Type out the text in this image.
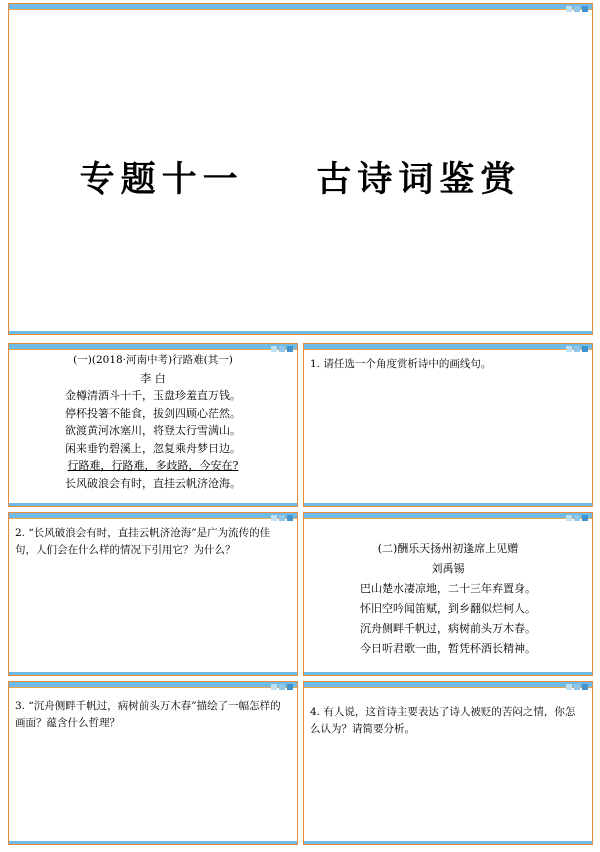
专题十一    古诗词鉴赏
(一)(2018·河南中考)行路难(其一)
李 白
金樽清酒斗十千，玉盘珍羞直万钱。
停杯投箸不能食，拔剑四顾心茫然。
欲渡黄河冰塞川，将登太行雪满山。
闲来垂钓碧溪上，忽复乘舟梦日边。
行路难，行路难，多歧路，今安在?
长风破浪会有时，直挂云帆济沧海。
1. 请任选一个角度赏析诗中的画线句。
2. “长风破浪会有时，直挂云帆济沧海”是广为流传的佳句，人们会在什么样的情况下引用它？为什么？	(二)酬乐天扬州初逢席上见赠
刘禹锡
巴山楚水凄凉地，二十三年弃置身。
怀旧空吟闻笛赋，到乡翻似烂柯人。
沉舟侧畔千帆过，病树前头万木春。
今日听君歌一曲，暂凭杯酒长精神。
3. “沉舟侧畔千帆过，病树前头万木春”描绘了一幅怎样的画面？蕴含什么哲理？
4. 有人说，这首诗主要表达了诗人被贬的苦闷之情，你怎么认为？请简要分析。
